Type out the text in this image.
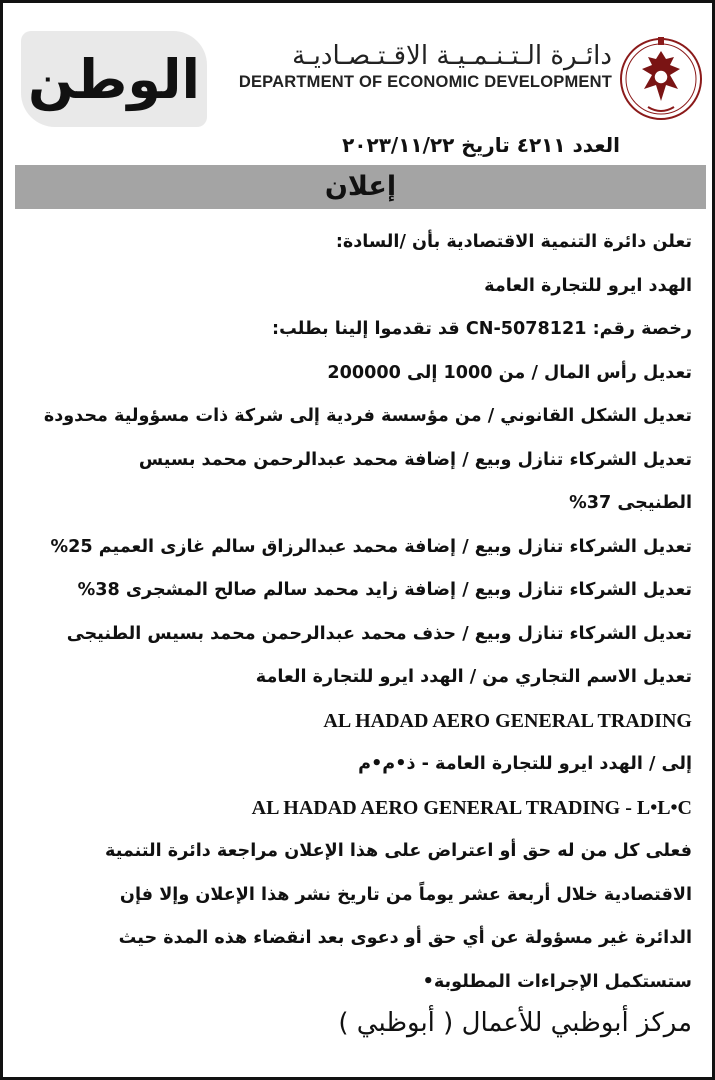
الوطن	دائـرة الـتـنـمـيـة الاقـتـصـاديـة
DEPARTMENT OF ECONOMIC DEVELOPMENT
العدد ٤٢١١ تاريخ ٢٠٢٣/١١/٢٢
إعلان
تعلن دائرة التنمية الاقتصادية بأن /السادة:
الهدد ايرو للتجارة العامة
رخصة رقم: CN-5078121 قد تقدموا إلينا بطلب:
تعديل رأس المال / من 1000 إلى 200000
تعديل الشكل القانوني / من مؤسسة فردية إلى شركة ذات مسؤولية محدودة
تعديل الشركاء تنازل وبيع / إضافة محمد عبدالرحمن محمد بسيس
الطنيجى 37%
تعديل الشركاء تنازل وبيع / إضافة محمد عبدالرزاق سالم غازى العميم 25%
تعديل الشركاء تنازل وبيع / إضافة زايد محمد سالم صالح المشجرى 38%
تعديل الشركاء تنازل وبيع / حذف محمد عبدالرحمن محمد بسيس الطنيجى
تعديل الاسم التجاري من / الهدد ايرو للتجارة العامة
AL HADAD AERO GENERAL TRADING
إلى / الهدد ايرو للتجارة العامة - ذ•م•م
AL HADAD AERO GENERAL TRADING - L•L•C
فعلى كل من له حق أو اعتراض على هذا الإعلان مراجعة دائرة التنمية
الاقتصادية خلال أربعة عشر يوماً من تاريخ نشر هذا الإعلان وإلا فإن
الدائرة غير مسؤولة عن أي حق أو دعوى بعد انقضاء هذه المدة حيث
ستستكمل الإجراءات المطلوبة•
مركز أبوظبي للأعمال ( أبوظبي )
